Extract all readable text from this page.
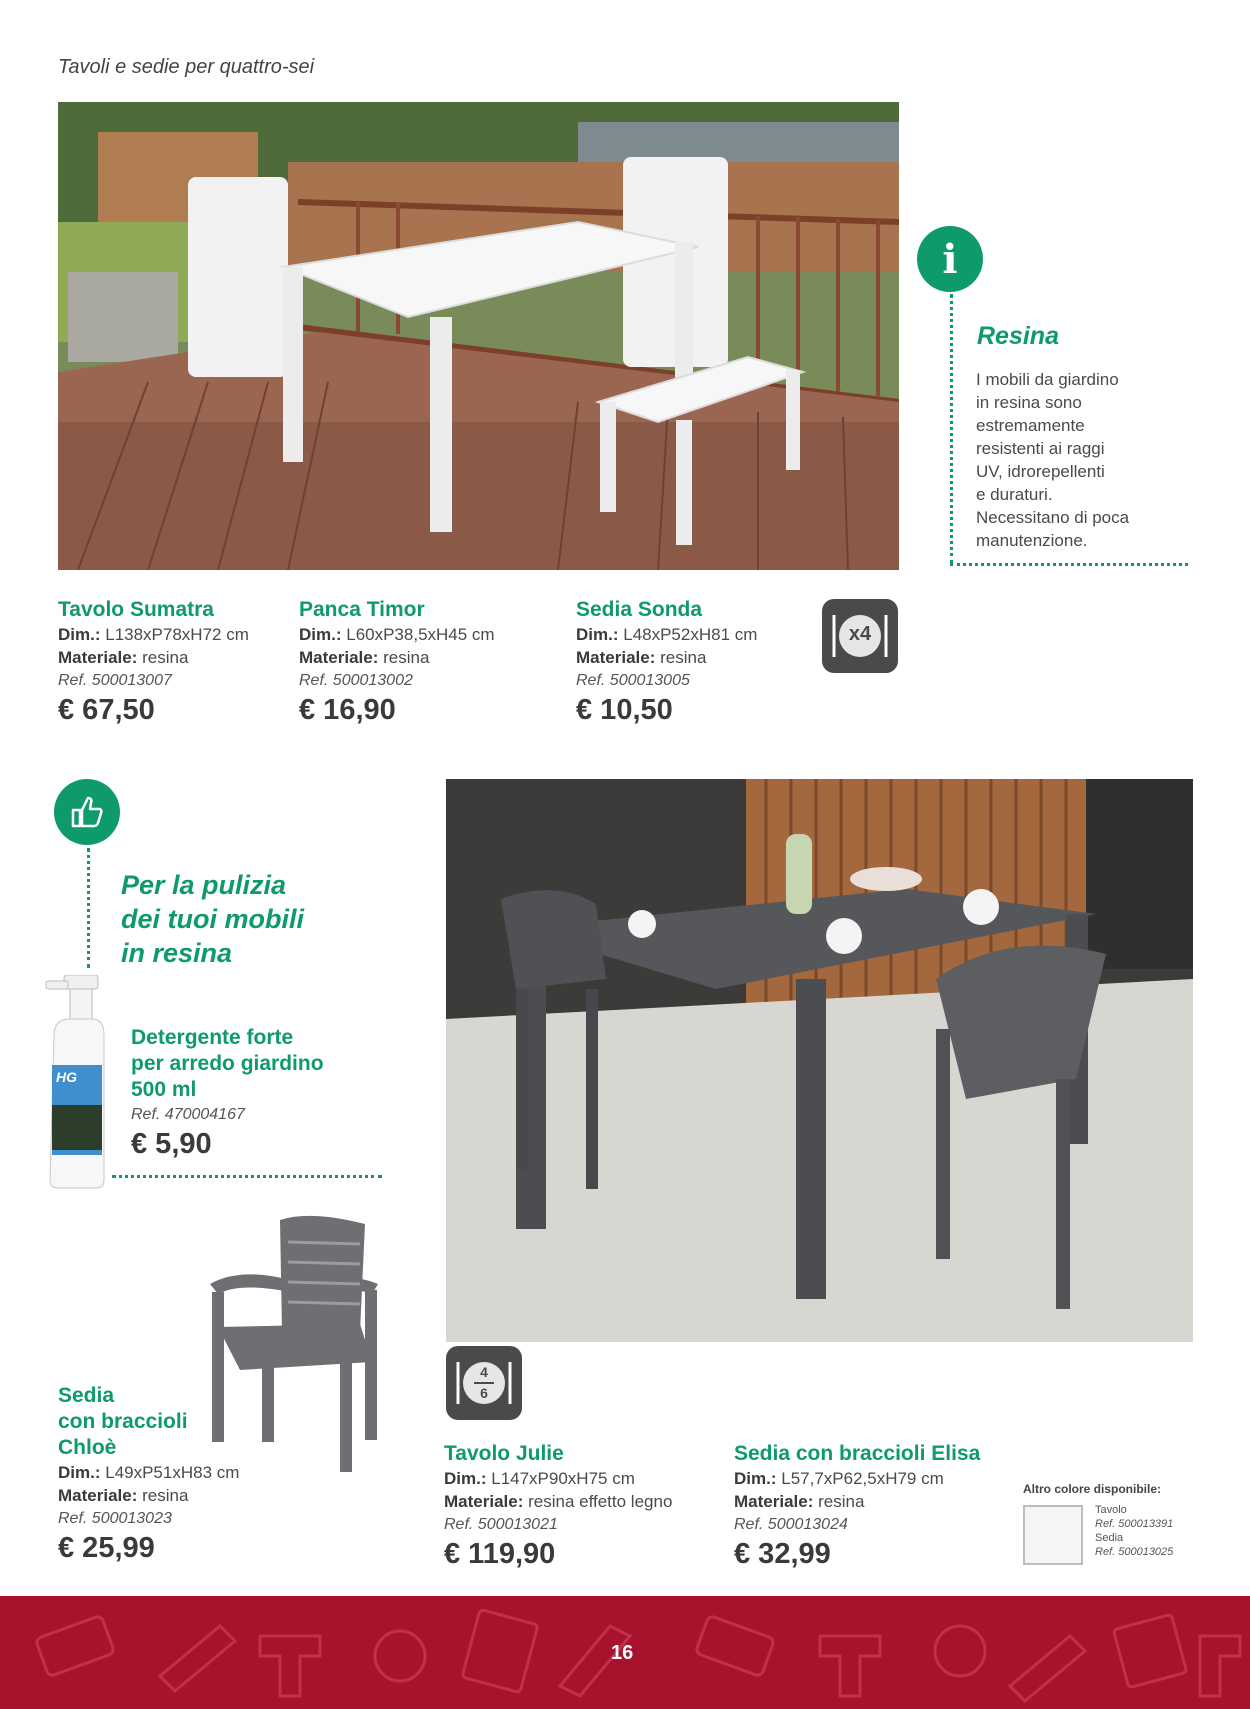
Tavoli e sedie per quattro-sei
i
Resina
I mobili da giardino
in resina sono
estremamente
resistenti ai raggi
UV, idrorepellenti
e duraturi.
Necessitano di poca
manutenzione.
Tavolo Sumatra
Dim.: L138xP78xH72 cm
Materiale: resina
Ref. 500013007
€ 67,50
Panca Timor
Dim.: L60xP38,5xH45 cm
Materiale: resina
Ref. 500013002
€ 16,90
Sedia Sonda
Dim.: L48xP52xH81 cm
Materiale: resina
Ref. 500013005
€ 10,50
x4
Per la pulizia
dei tuoi mobili
in resina
HG
Detergente forte
per arredo giardino
500 ml
Ref. 470004167
€ 5,90
Sedia
con braccioli
Chloè
Dim.: L49xP51xH83 cm
Materiale: resina
Ref. 500013023
€ 25,99
4
6
Tavolo Julie
Dim.: L147xP90xH75 cm
Materiale: resina effetto legno
Ref. 500013021
€ 119,90
Sedia con braccioli Elisa
Dim.: L57,7xP62,5xH79 cm
Materiale: resina
Ref. 500013024
€ 32,99
Altro colore disponibile:
Tavolo
Ref. 500013391
Sedia
Ref. 500013025
16
